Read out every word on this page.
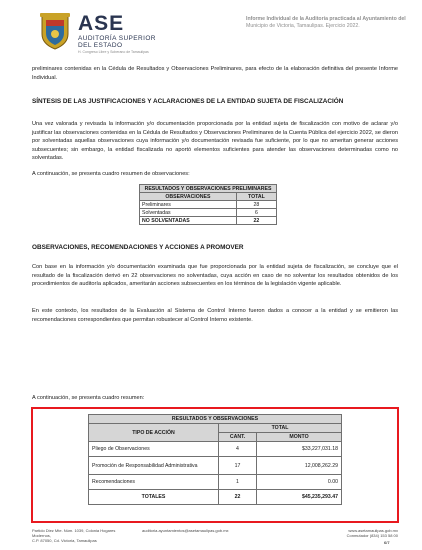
ASE
AUDITORÍA SUPERIOR
DEL ESTADO
H. Congreso Libre y Soberano de Tamaulipas
Informe Individual de la Auditoría practicada al Ayuntamiento del
Municipio de Victoria, Tamaulipas. Ejercicio 2022.

preliminares contenidas en la Cédula de Resultados y Observaciones Preliminares, para efecto de la elaboración definitiva del presente Informe Individual.

SÍNTESIS DE LAS JUSTIFICACIONES Y ACLARACIONES DE LA ENTIDAD SUJETA DE FISCALIZACIÓN

Una vez valorada y revisada la información y/o documentación proporcionada por la entidad sujeta de fiscalización con motivo de aclarar y/o justificar las observaciones contenidas en la Cédula de Resultados y Observaciones Preliminares de la Cuenta Pública del ejercicio 2022, se dieron por solventadas aquellas observaciones cuya información y/o documentación revisada fue suficiente, por lo que no ameritan generar acciones subsecuentes; sin embargo, la entidad fiscalizada no aportó elementos suficientes para atender las observaciones determinadas como no solventadas.

A continuación, se presenta cuadro resumen de observaciones:

RESULTADOS Y OBSERVACIONES PRELIMINARES	
OBSERVACIONES	TOTAL
Preliminares	28
Solventadas	6
NO SOLVENTADAS	22
OBSERVACIONES, RECOMENDACIONES Y ACCIONES A PROMOVER

Con base en la información y/o documentación examinada que fue proporcionada por la entidad sujeta de fiscalización, se concluye que el resultado de la fiscalización derivó en 22 observaciones no solventadas, cuya acción en caso de no solventar los resultados obtenidos de los procedimientos de auditoría aplicados, ameritarán acciones subsecuentes en los términos de la legislación vigente aplicable.

En este contexto, los resultados de la Evaluación al Sistema de Control Interno fueron dados a conocer a la entidad y se emitieron las recomendaciones correspondientes que permitan robustecer al Control Interno existente.

A continuación, se presenta cuadro resumen:

RESULTADOS Y OBSERVACIONES		
TIPO DE ACCIÓN	TOTAL	
	CANT.	MONTO
Pliego de Observaciones	4	$33,227,031.18
Promoción de Responsabilidad Administrativa	17	12,008,262.29
Recomendaciones	1	0.00
TOTALES	22	$45,235,293.47
Partido Diez Mte. Núm. 1039, Colonia Hogares Modernos,
C.P. 87050, Cd. Victoria, Tamaulipas
auditoria.ayuntamientos@asetamaulipas.gob.mx	www.asetamaulipas.gob.mx
Conmutador (834) 153 58 00
6/7
